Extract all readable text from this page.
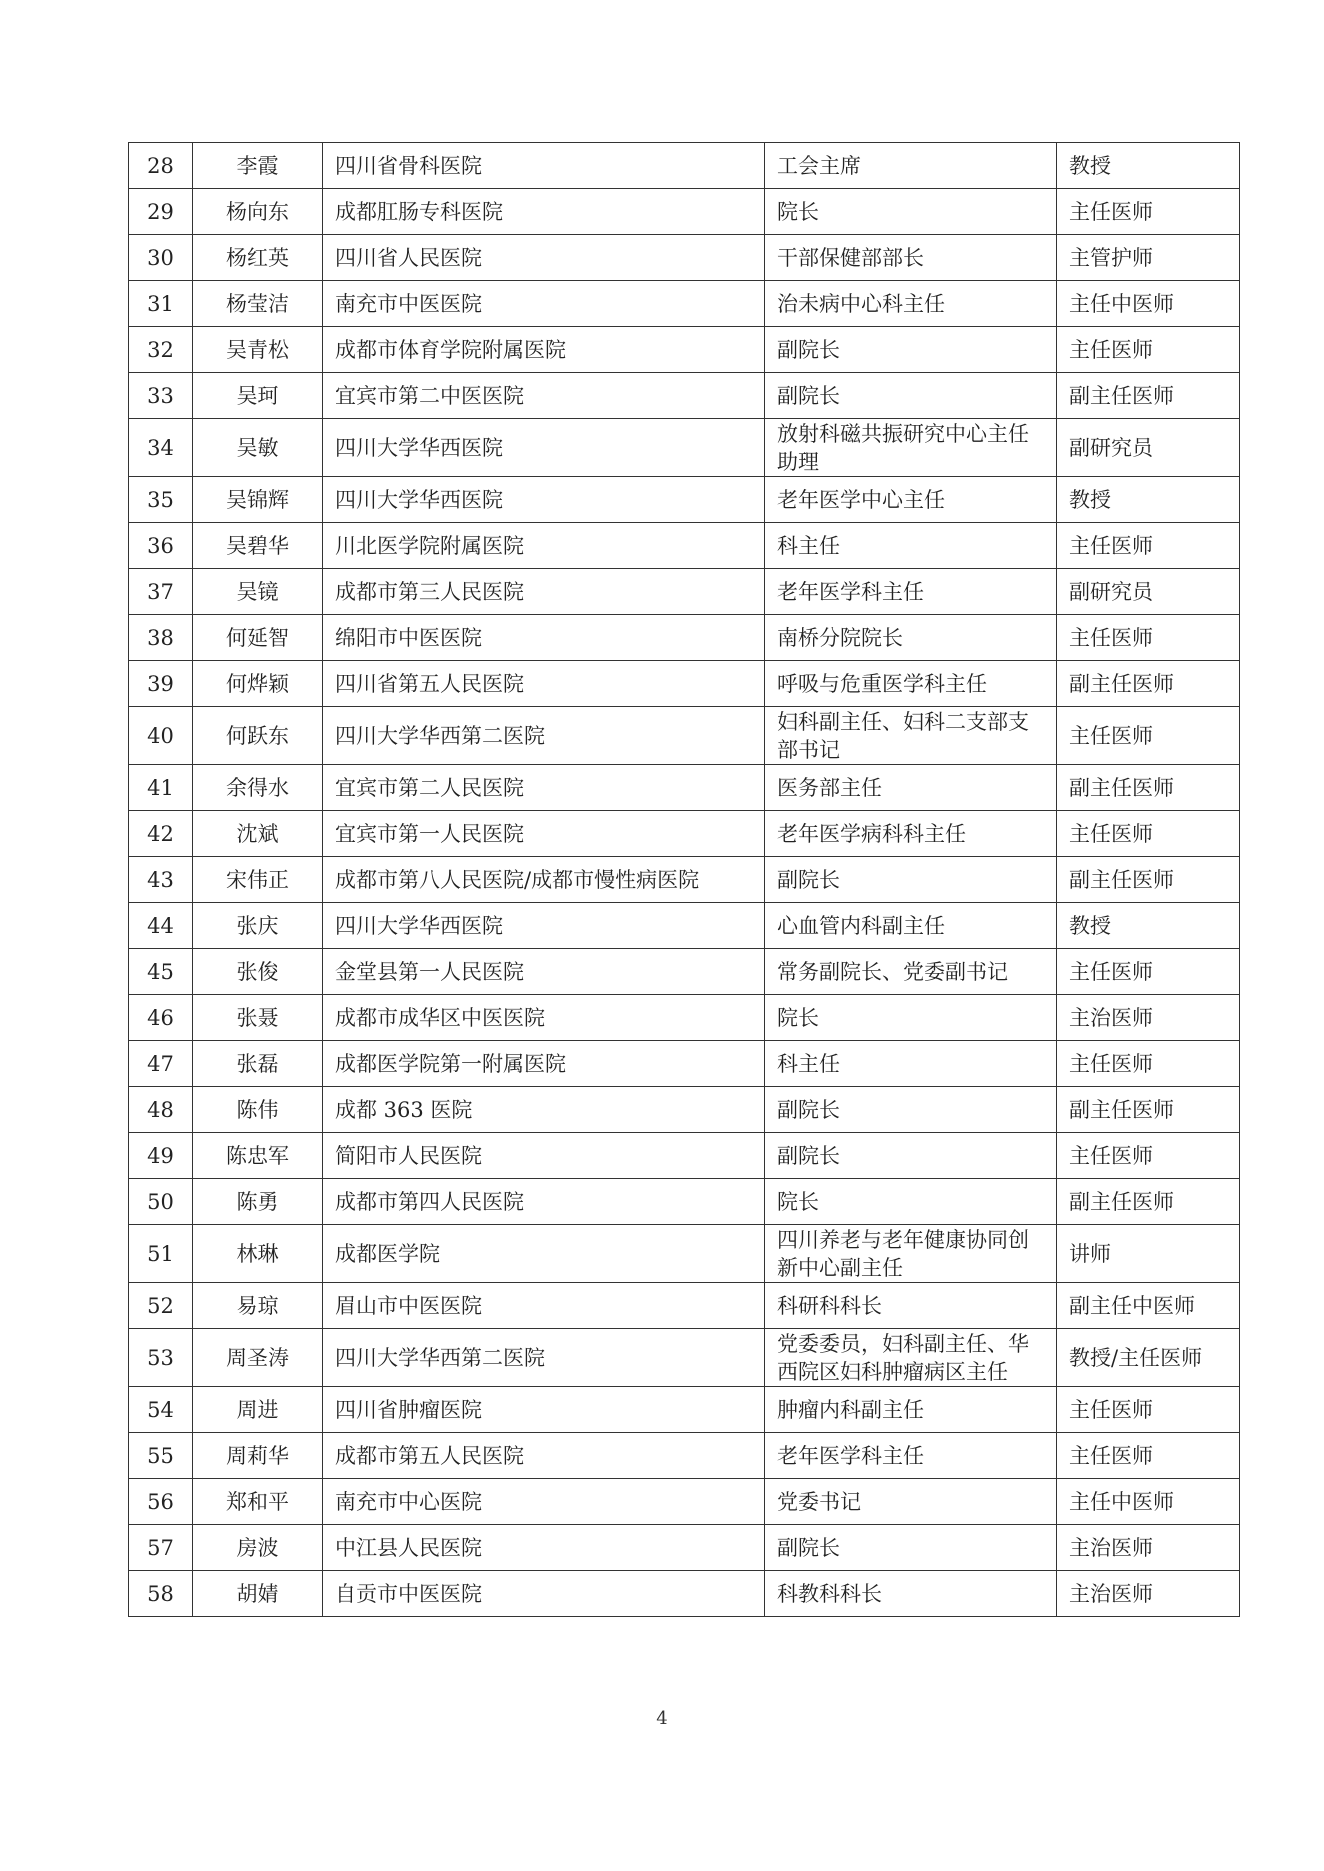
28	李霞	四川省骨科医院	工会主席	教授
29	杨向东	成都肛肠专科医院	院长	主任医师
30	杨红英	四川省人民医院	干部保健部部长	主管护师
31	杨莹洁	南充市中医医院	治未病中心科主任	主任中医师
32	吴青松	成都市体育学院附属医院	副院长	主任医师
33	吴珂	宜宾市第二中医医院	副院长	副主任医师
34	吴敏	四川大学华西医院	放射科磁共振研究中心主任助理	副研究员
35	吴锦辉	四川大学华西医院	老年医学中心主任	教授
36	吴碧华	川北医学院附属医院	科主任	主任医师
37	吴镜	成都市第三人民医院	老年医学科主任	副研究员
38	何延智	绵阳市中医医院	南桥分院院长	主任医师
39	何烨颖	四川省第五人民医院	呼吸与危重医学科主任	副主任医师
40	何跃东	四川大学华西第二医院	妇科副主任、妇科二支部支部书记	主任医师
41	余得水	宜宾市第二人民医院	医务部主任	副主任医师
42	沈斌	宜宾市第一人民医院	老年医学病科科主任	主任医师
43	宋伟正	成都市第八人民医院/成都市慢性病医院	副院长	副主任医师
44	张庆	四川大学华西医院	心血管内科副主任	教授
45	张俊	金堂县第一人民医院	常务副院长、党委副书记	主任医师
46	张聂	成都市成华区中医医院	院长	主治医师
47	张磊	成都医学院第一附属医院	科主任	主任医师
48	陈伟	成都 363 医院	副院长	副主任医师
49	陈忠军	简阳市人民医院	副院长	主任医师
50	陈勇	成都市第四人民医院	院长	副主任医师
51	林琳	成都医学院	四川养老与老年健康协同创新中心副主任	讲师
52	易琼	眉山市中医医院	科研科科长	副主任中医师
53	周圣涛	四川大学华西第二医院	党委委员，妇科副主任、华西院区妇科肿瘤病区主任	教授/主任医师
54	周进	四川省肿瘤医院	肿瘤内科副主任	主任医师
55	周莉华	成都市第五人民医院	老年医学科主任	主任医师
56	郑和平	南充市中心医院	党委书记	主任中医师
57	房波	中江县人民医院	副院长	主治医师
58	胡婧	自贡市中医医院	科教科科长	主治医师
4
